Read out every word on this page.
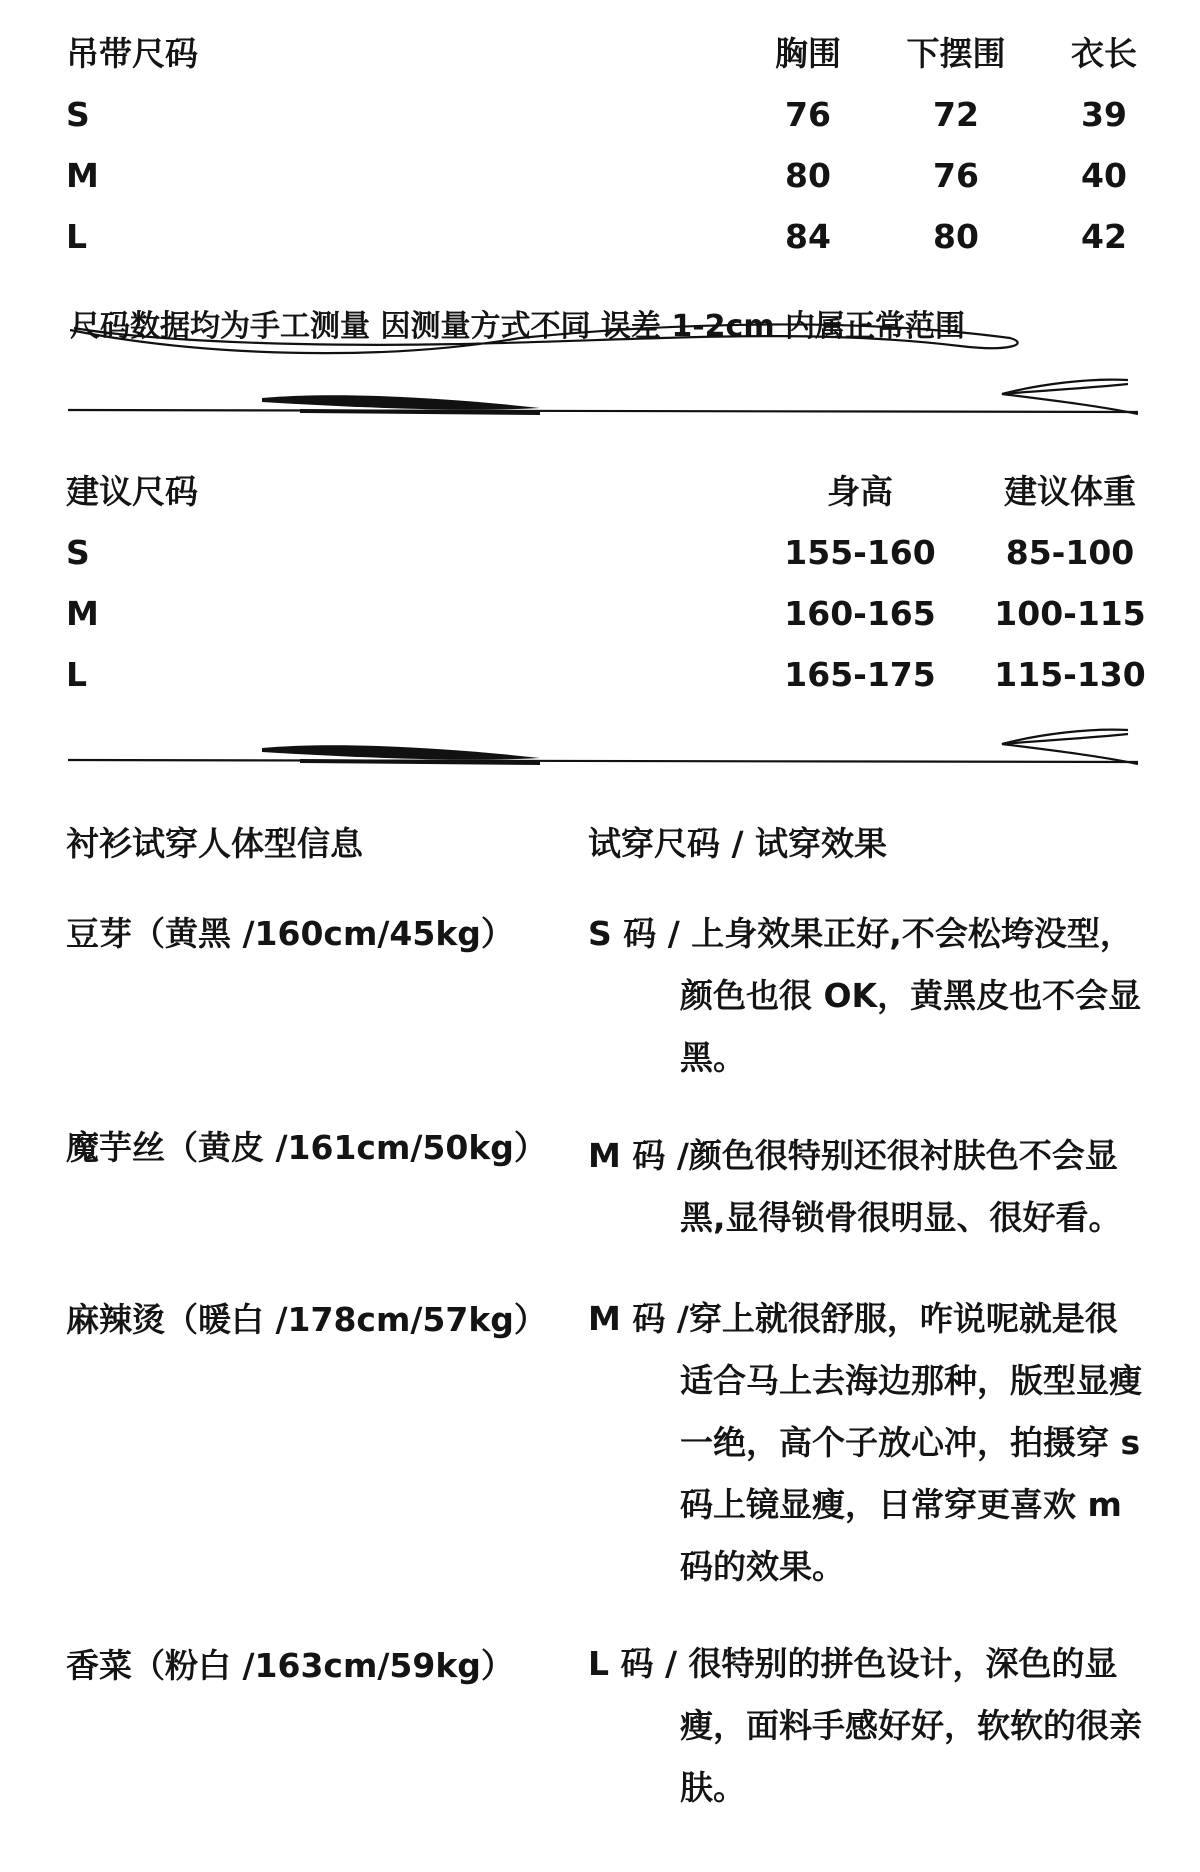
吊带尺码	胸围	下摆围	衣长
S	76	72	39
M	80	76	40
L	84	80	42
尺码数据均为手工测量 因测量方式不同 误差 1-2cm 内属正常范围
建议尺码	身高	建议体重
S	155-160	85-100
M	160-165	100-115
L	165-175	115-130
衬衫试穿人体型信息	试穿尺码 / 试穿效果
豆芽（黄黑 /160cm/45kg） S 码 / 上身效果正好,不会松垮没型，颜色也很 OK，黄黑皮也不会显黑。
魔芋丝（黄皮 /161cm/50kg） M 码 /颜色很特别还很衬肤色不会显黑,显得锁骨很明显、很好看。
麻辣烫（暖白 /178cm/57kg） M 码 /穿上就很舒服，咋说呢就是很适合马上去海边那种，版型显瘦一绝，高个子放心冲，拍摄穿 s 码上镜显瘦，日常穿更喜欢 m 码的效果。
香菜（粉白 /163cm/59kg） L 码 / 很特别的拼色设计，深色的显瘦，面料手感好好，软软的很亲肤。
